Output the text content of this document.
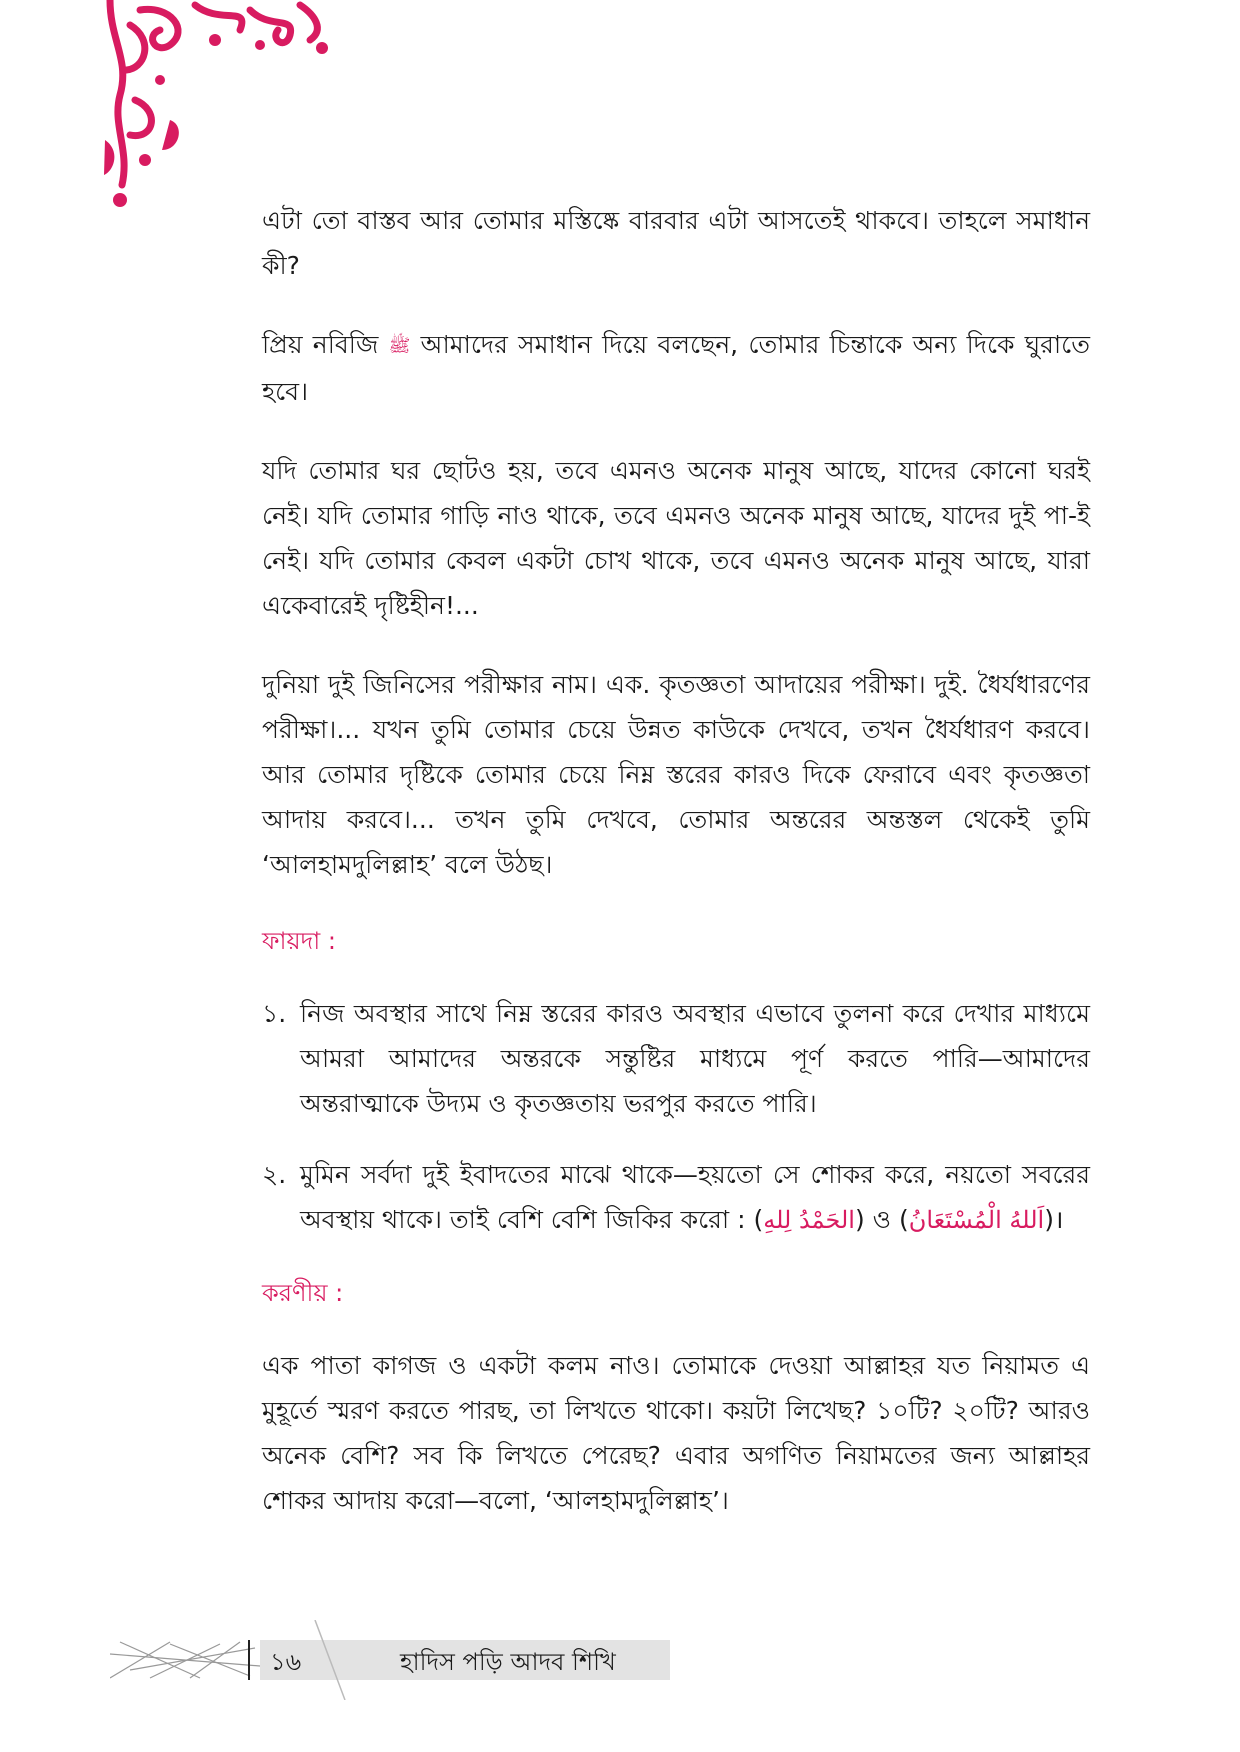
এটা তো বাস্তব আর তোমার মস্তিষ্কে বারবার এটা আসতেই থাকবে। তাহলে সমাধান কী?

প্রিয় নবিজি ﷺ আমাদের সমাধান দিয়ে বলছেন, তোমার চিন্তাকে অন্য দিকে ঘুরাতে হবে।

যদি তোমার ঘর ছোটও হয়, তবে এমনও অনেক মানুষ আছে, যাদের কোনো ঘরই নেই। যদি তোমার গাড়ি নাও থাকে, তবে এমনও অনেক মানুষ আছে, যাদের দুই পা-ই নেই। যদি তোমার কেবল একটা চোখ থাকে, তবে এমনও অনেক মানুষ আছে, যারা একেবারেই দৃষ্টিহীন!...

দুনিয়া দুই জিনিসের পরীক্ষার নাম। এক. কৃতজ্ঞতা আদায়ের পরীক্ষা। দুই. ধৈর্যধারণের পরীক্ষা।... যখন তুমি তোমার চেয়ে উন্নত কাউকে দেখবে, তখন ধৈর্যধারণ করবে। আর তোমার দৃষ্টিকে তোমার চেয়ে নিম্ন স্তরের কারও দিকে ফেরাবে এবং কৃতজ্ঞতা আদায় করবে।... তখন তুমি দেখবে, তোমার অন্তরের অন্তস্তল থেকেই তুমি ‘আলহামদুলিল্লাহ’ বলে উঠছ।

ফায়দা :
১. নিজ অবস্থার সাথে নিম্ন স্তরের কারও অবস্থার এভাবে তুলনা করে দেখার মাধ্যমে আমরা আমাদের অন্তরকে সন্তুষ্টির মাধ্যমে পূর্ণ করতে পারি—আমাদের অন্তরাত্মাকে উদ্যম ও কৃতজ্ঞতায় ভরপুর করতে পারি।
২. মুমিন সর্বদা দুই ইবাদতের মাঝে থাকে—হয়তো সে শোকর করে, নয়তো সবরের অবস্থায় থাকে। তাই বেশি বেশি জিকির করো : (الحَمْدُ لِلهِ) ও (اَللهُ الْمُسْتَعَانُ)।
করণীয় :

এক পাতা কাগজ ও একটা কলম নাও। তোমাকে দেওয়া আল্লাহর যত নিয়ামত এ মুহূর্তে স্মরণ করতে পারছ, তা লিখতে থাকো। কয়টা লিখেছ? ১০টি? ২০টি? আরও অনেক বেশি? সব কি লিখতে পেরেছ? এবার অগণিত নিয়ামতের জন্য আল্লাহর শোকর আদায় করো—বলো, ‘আলহামদুলিল্লাহ’।

১৬	হাদিস পড়ি আদব শিখি
